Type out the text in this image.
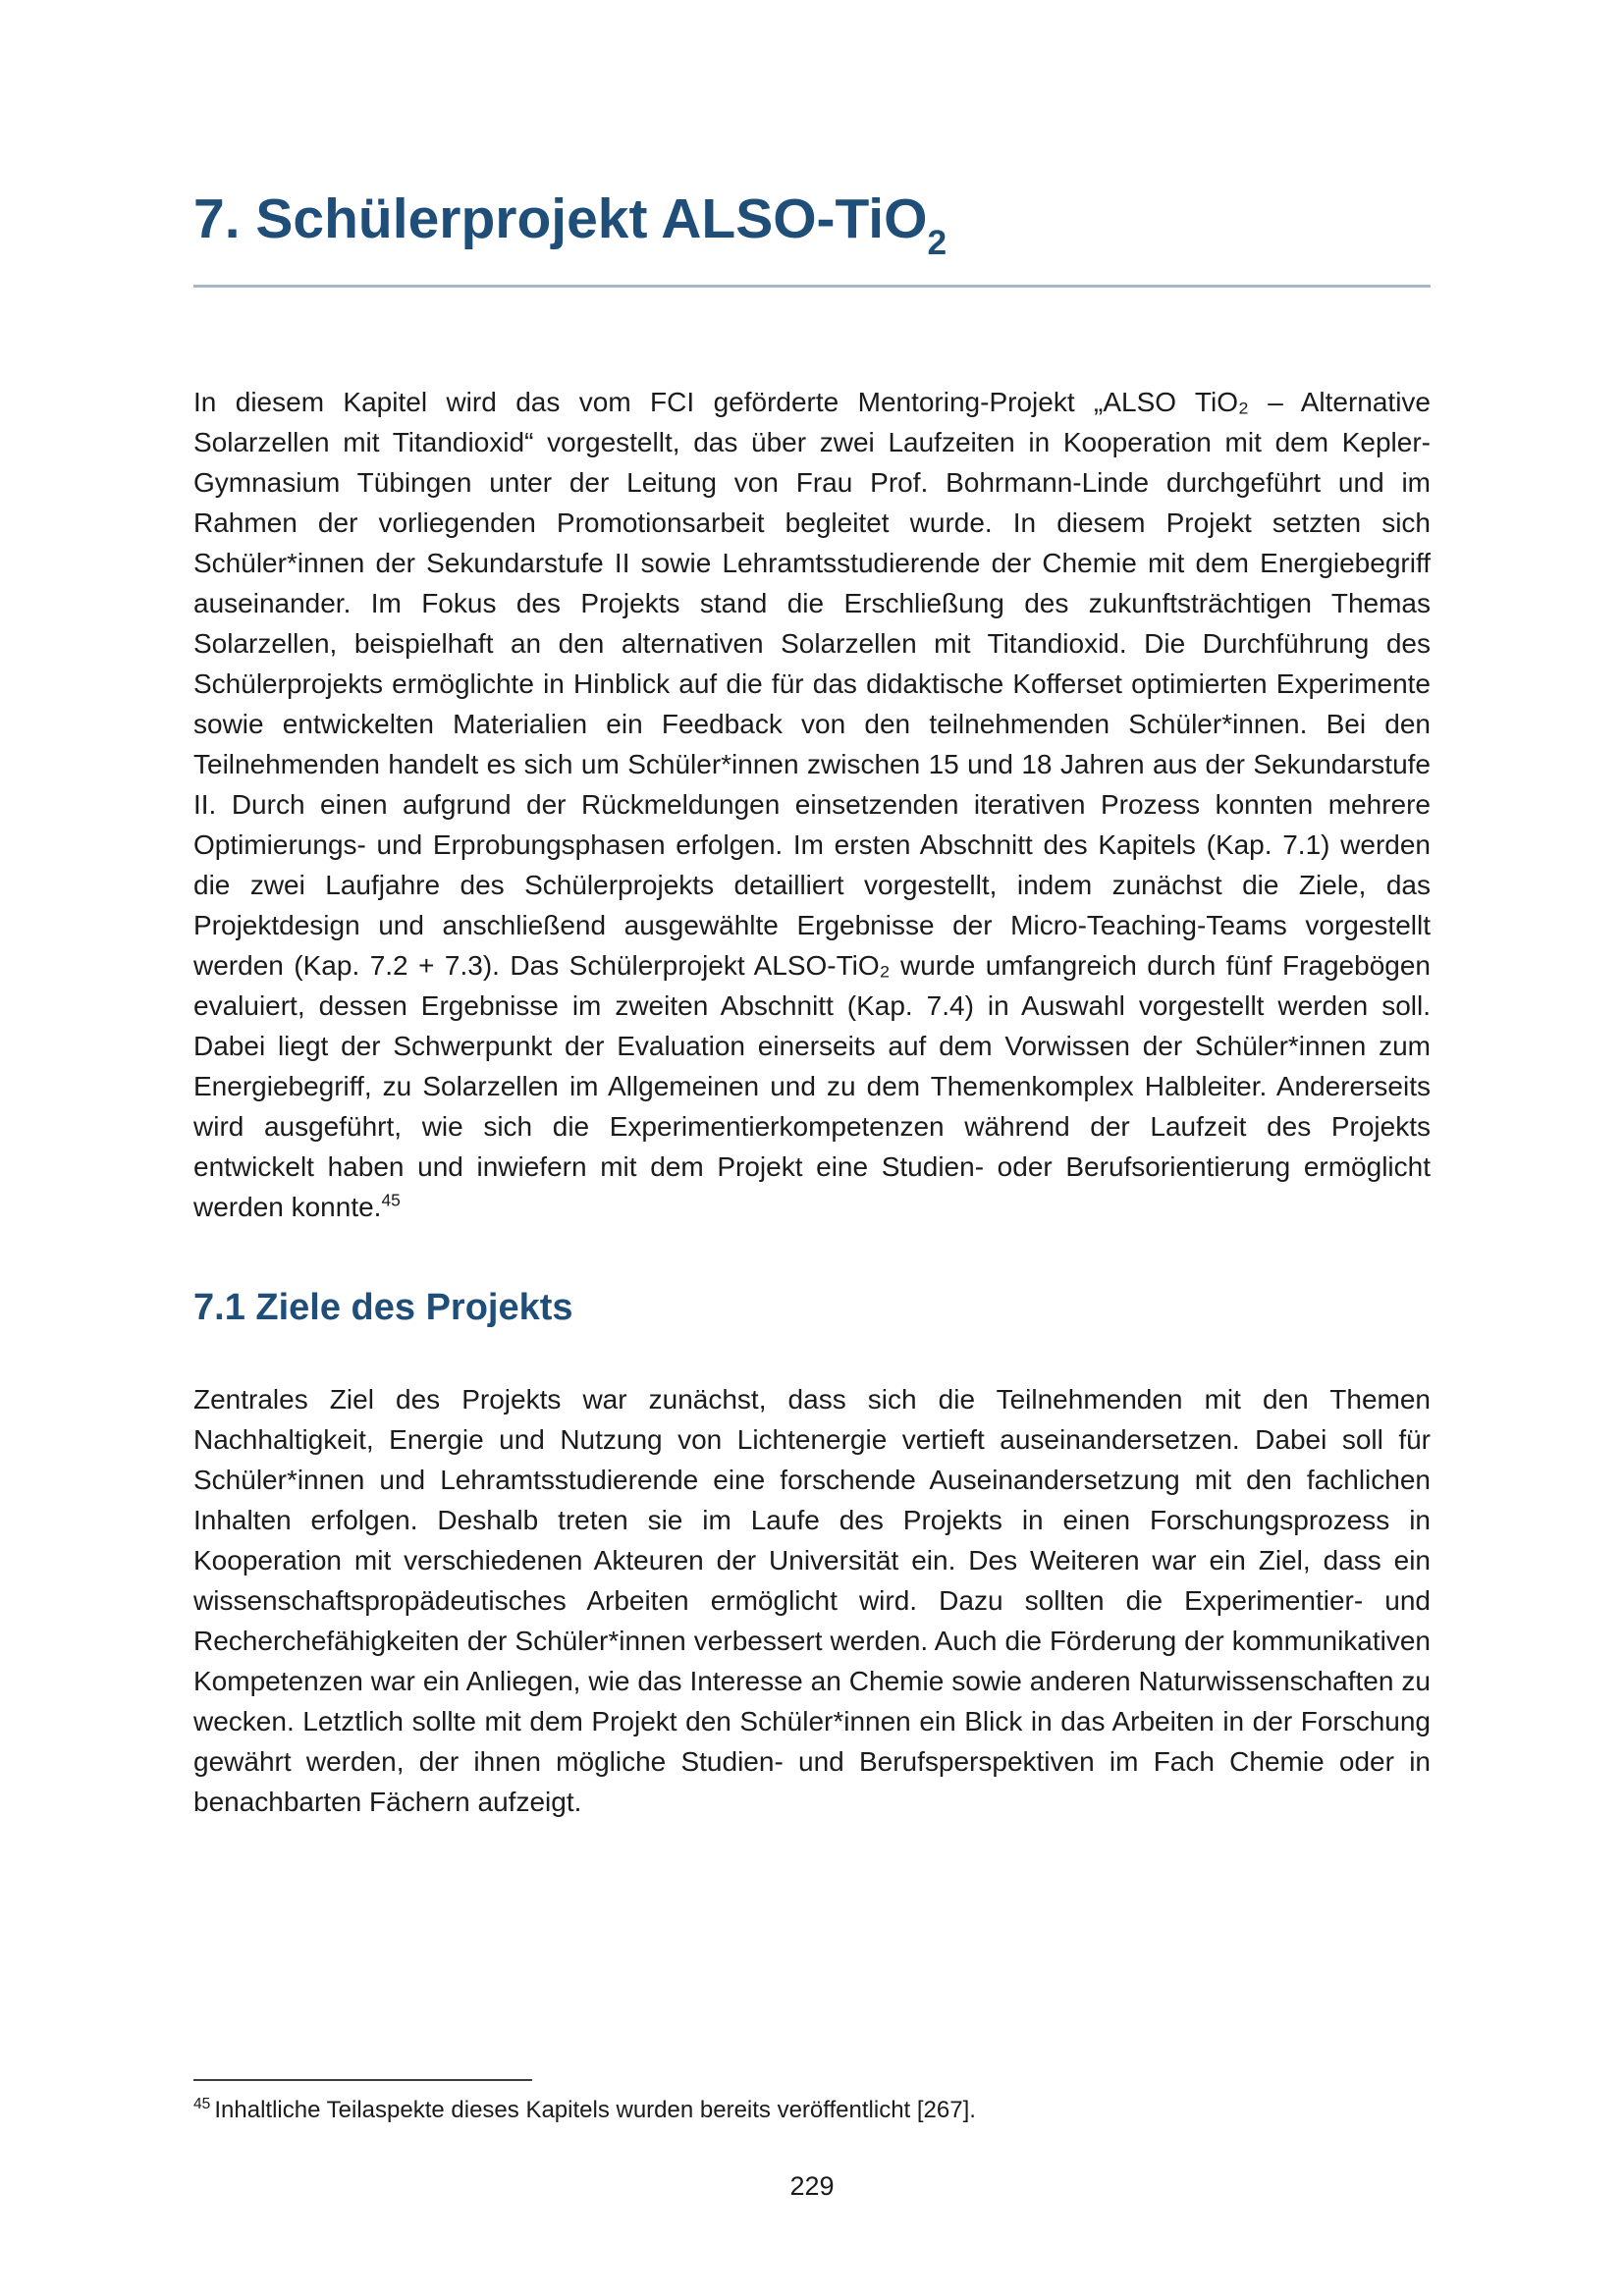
7. Schülerprojekt ALSO-TiO$_2$

In diesem Kapitel wird das vom FCI geförderte Mentoring-Projekt „ALSO TiO₂ – Alternative Solarzellen mit Titandioxid“ vorgestellt, das über zwei Laufzeiten in Kooperation mit dem Kepler-Gymnasium Tübingen unter der Leitung von Frau Prof. Bohrmann-Linde durchgeführt und im Rahmen der vorliegenden Promotionsarbeit begleitet wurde. In diesem Projekt setzten sich Schüler*innen der Sekundarstufe II sowie Lehramtsstudierende der Chemie mit dem Energiebegriff auseinander. Im Fokus des Projekts stand die Erschließung des zukunftsträchtigen Themas Solarzellen, beispielhaft an den alternativen Solarzellen mit Titandioxid. Die Durchführung des Schülerprojekts ermöglichte in Hinblick auf die für das didaktische Kofferset optimierten Experimente sowie entwickelten Materialien ein Feedback von den teilnehmenden Schüler*innen. Bei den Teilnehmenden handelt es sich um Schüler*innen zwischen 15 und 18 Jahren aus der Sekundarstufe II. Durch einen aufgrund der Rückmeldungen einsetzenden iterativen Prozess konnten mehrere Optimierungs- und Erprobungsphasen erfolgen. Im ersten Abschnitt des Kapitels (Kap. 7.1) werden die zwei Laufjahre des Schülerprojekts detailliert vorgestellt, indem zunächst die Ziele, das Projektdesign und anschließend ausgewählte Ergebnisse der Micro-Teaching-Teams vorgestellt werden (Kap. 7.2 + 7.3). Das Schülerprojekt ALSO-TiO₂ wurde umfangreich durch fünf Fragebögen evaluiert, dessen Ergebnisse im zweiten Abschnitt (Kap. 7.4) in Auswahl vorgestellt werden soll. Dabei liegt der Schwerpunkt der Evaluation einerseits auf dem Vorwissen der Schüler*innen zum Energiebegriff, zu Solarzellen im Allgemeinen und zu dem Themenkomplex Halbleiter. Andererseits wird ausgeführt, wie sich die Experimentierkompetenzen während der Laufzeit des Projekts entwickelt haben und inwiefern mit dem Projekt eine Studien- oder Berufsorientierung ermöglicht werden konnte.$^{45}$

7.1 Ziele des Projekts

Zentrales Ziel des Projekts war zunächst, dass sich die Teilnehmenden mit den Themen Nachhaltigkeit, Energie und Nutzung von Lichtenergie vertieft auseinandersetzen. Dabei soll für Schüler*innen und Lehramtsstudierende eine forschende Auseinandersetzung mit den fachlichen Inhalten erfolgen. Deshalb treten sie im Laufe des Projekts in einen Forschungsprozess in Kooperation mit verschiedenen Akteuren der Universität ein. Des Weiteren war ein Ziel, dass ein wissenschaftspropädeutisches Arbeiten ermöglicht wird. Dazu sollten die Experimentier- und Recherchefähigkeiten der Schüler*innen verbessert werden. Auch die Förderung der kommunikativen Kompetenzen war ein Anliegen, wie das Interesse an Chemie sowie anderen Naturwissenschaften zu wecken. Letztlich sollte mit dem Projekt den Schüler*innen ein Blick in das Arbeiten in der Forschung gewährt werden, der ihnen mögliche Studien- und Berufsperspektiven im Fach Chemie oder in benachbarten Fächern aufzeigt.

$^{45}$ Inhaltliche Teilaspekte dieses Kapitels wurden bereits veröffentlicht [267].
229
